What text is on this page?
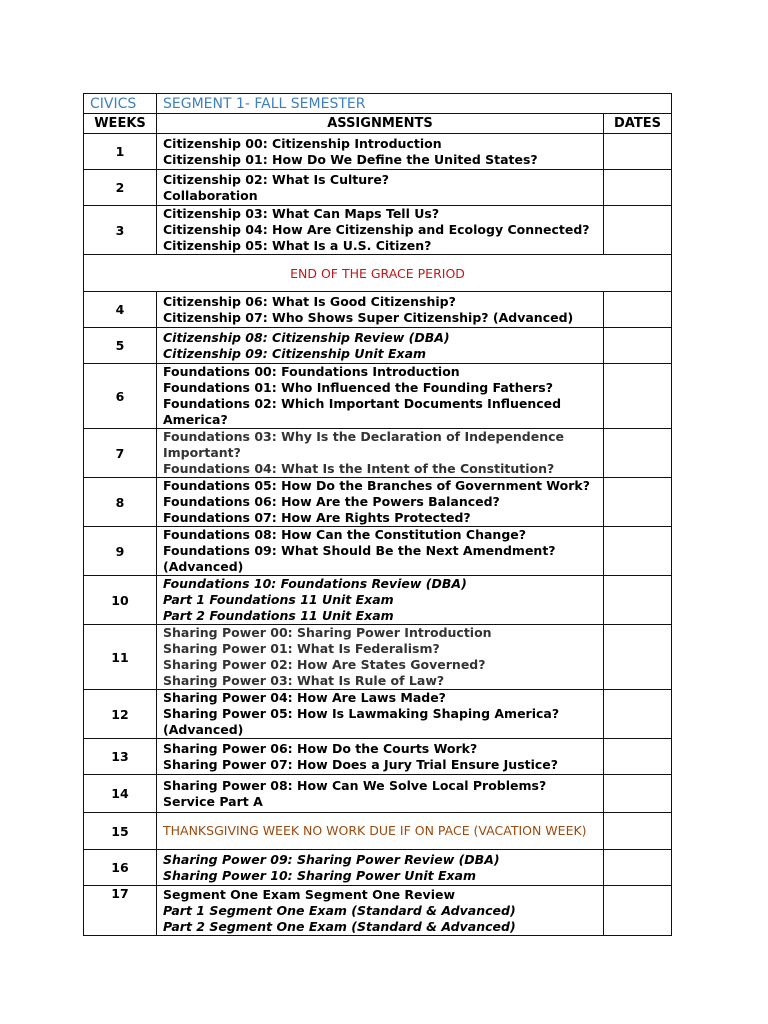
CIVICS	SEGMENT 1- FALL SEMESTER	
WEEKS	ASSIGNMENTS	DATES
1	Citizenship 00: Citizenship Introduction
Citizenship 01: How Do We Define the United States?	

2	Citizenship 02: What Is Culture?
Collaboration	

3	Citizenship 03: What Can Maps Tell Us?
Citizenship 04: How Are Citizenship and Ecology Connected?
Citizenship 05: What Is a U.S. Citizen?	

END OF THE GRACE PERIOD		
4	Citizenship 06: What Is Good Citizenship?
Citizenship 07: Who Shows Super Citizenship? (Advanced)	

5	Citizenship 08: Citizenship Review (DBA)
Citizenship 09: Citizenship Unit Exam	

6	Foundations 00: Foundations Introduction
Foundations 01: Who Influenced the Founding Fathers?
Foundations 02: Which Important Documents Influenced America?	

7	Foundations 03: Why Is the Declaration of Independence Important?
Foundations 04: What Is the Intent of the Constitution?	

8	Foundations 05: How Do the Branches of Government Work?
Foundations 06: How Are the Powers Balanced?
Foundations 07: How Are Rights Protected?	

9	Foundations 08: How Can the Constitution Change?
Foundations 09: What Should Be the Next Amendment? (Advanced)	

10	Foundations 10: Foundations Review (DBA)
Part 1 Foundations 11 Unit Exam
Part 2 Foundations 11 Unit Exam	

11	Sharing Power 00: Sharing Power Introduction
Sharing Power 01: What Is Federalism?
Sharing Power 02: How Are States Governed?
Sharing Power 03: What Is Rule of Law?	

12	Sharing Power 04: How Are Laws Made?
Sharing Power 05: How Is Lawmaking Shaping America? (Advanced)	

13	Sharing Power 06: How Do the Courts Work?
Sharing Power 07: How Does a Jury Trial Ensure Justice?	

14	Sharing Power 08: How Can We Solve Local Problems?
Service Part A	

15	THANKSGIVING WEEK NO WORK DUE IF ON PACE (VACATION WEEK)	

16	Sharing Power 09: Sharing Power Review (DBA)
Sharing Power 10: Sharing Power Unit Exam	

17	Segment One Exam Segment One Review
Part 1 Segment One Exam (Standard & Advanced)
Part 2 Segment One Exam (Standard & Advanced)	
